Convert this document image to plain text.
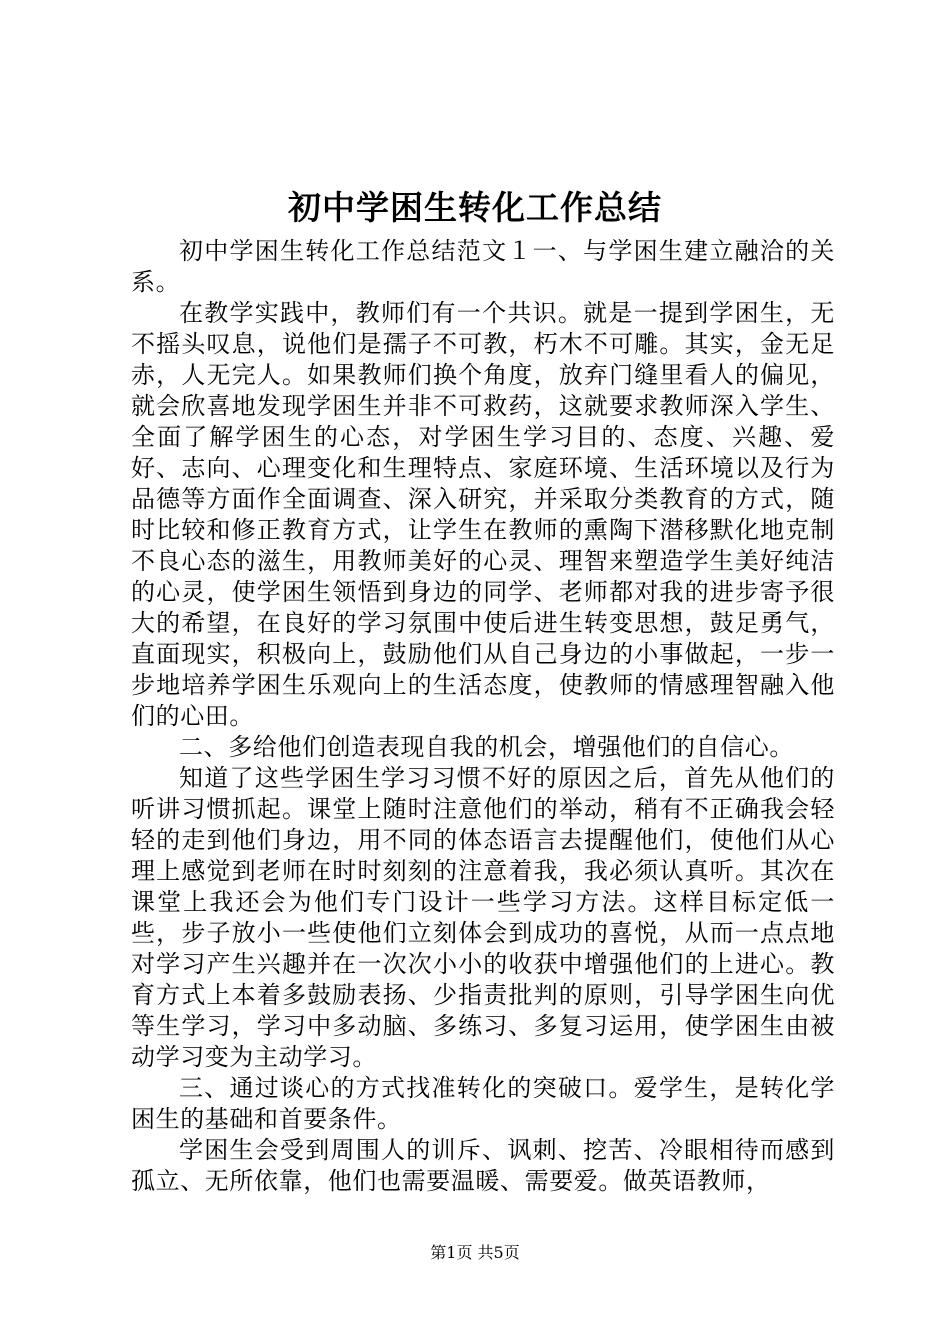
初中学困生转化工作总结

初中学困生转化工作总结范文１一、与学困生建立融洽的关系。

在教学实践中，教师们有一个共识。就是一提到学困生，无不摇头叹息，说他们是孺子不可教，朽木不可雕。其实，金无足赤，人无完人。如果教师们换个角度，放弃门缝里看人的偏见，就会欣喜地发现学困生并非不可救药，这就要求教师深入学生、全面了解学困生的心态，对学困生学习目的、态度、兴趣、爱好、志向、心理变化和生理特点、家庭环境、生活环境以及行为品德等方面作全面调查、深入研究，并采取分类教育的方式，随时比较和修正教育方式，让学生在教师的熏陶下潜移默化地克制不良心态的滋生，用教师美好的心灵、理智来塑造学生美好纯洁的心灵，使学困生领悟到身边的同学、老师都对我的进步寄予很大的希望，在良好的学习氛围中使后进生转变思想，鼓足勇气，直面现实，积极向上，鼓励他们从自己身边的小事做起，一步一步地培养学困生乐观向上的生活态度，使教师的情感理智融入他们的心田。

二、多给他们创造表现自我的机会，增强他们的自信心。

知道了这些学困生学习习惯不好的原因之后，首先从他们的听讲习惯抓起。课堂上随时注意他们的举动，稍有不正确我会轻轻的走到他们身边，用不同的体态语言去提醒他们，使他们从心理上感觉到老师在时时刻刻的注意着我，我必须认真听。其次在课堂上我还会为他们专门设计一些学习方法。这样目标定低一些，步子放小一些使他们立刻体会到成功的喜悦，从而一点点地对学习产生兴趣并在一次次小小的收获中增强他们的上进心。教育方式上本着多鼓励表扬、少指责批判的原则，引导学困生向优等生学习，学习中多动脑、多练习、多复习运用，使学困生由被动学习变为主动学习。

三、通过谈心的方式找准转化的突破口。爱学生，是转化学困生的基础和首要条件。

学困生会受到周围人的训斥、讽刺、挖苦、冷眼相待而感到孤立、无所依靠，他们也需要温暖、需要爱。做英语教师，

第1页 共5页
